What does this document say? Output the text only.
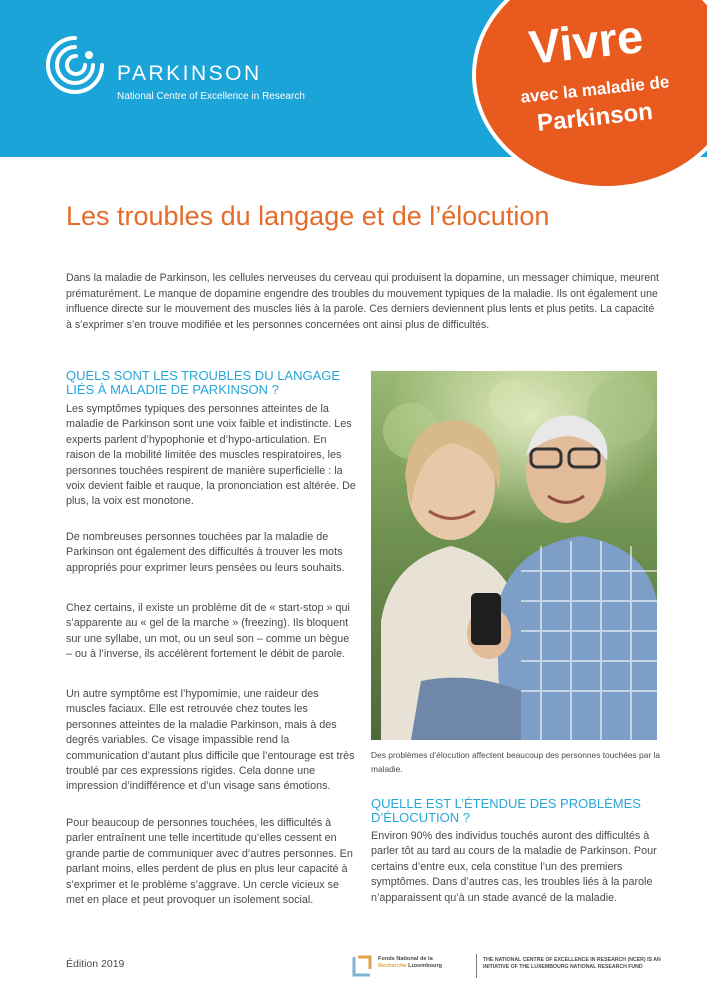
PARKINSON
National Centre of Excellence in Research
Vivre
avec la maladie de
Parkinson
Les troubles du langage et de l’élocution

Dans la maladie de Parkinson, les cellules nerveuses du cerveau qui produisent la dopamine, un messager chimique, meurent prématurément. Le manque de dopamine engendre des troubles du mouvement typiques de la maladie. Ils ont également une influence directe sur le mouvement des muscles liés à la parole. Ces derniers deviennent plus lents et plus petits. La capacité à s’exprimer s’en trouve modifiée et les personnes concernées ont ainsi plus de difficultés.

QUELS SONT LES TROUBLES DU LANGAGE LIÉS À MALADIE DE PARKINSON ?

Les symptômes typiques des personnes atteintes de la maladie de Parkinson sont une voix faible et indistincte. Les experts parlent d’hypophonie et d’hypo-articulation. En raison de la mobilité limitée des muscles respiratoires, les personnes touchées respirent de manière superficielle : la voix devient faible et rauque, la prononciation est altérée. De plus, la voix est monotone.

De nombreuses personnes touchées par la maladie de Parkinson ont également des difficultés à trouver les mots appropriés pour exprimer leurs pensées ou leurs souhaits.

Chez certains, il existe un problème dit de « start-stop » qui s’apparente au « gel de la marche » (freezing). Ils bloquent sur une syllabe, un mot, ou un seul son – comme un bègue – ou à l’inverse, ils accélèrent fortement le débit de parole.

Un autre symptôme est l’hypomimie, une raideur des muscles faciaux. Elle est retrouvée chez toutes les personnes atteintes de la maladie Parkinson, mais à des degrés variables. Ce visage impassible rend la communication d’autant plus difficile que l’entourage est très troublé par ces expressions rigides. Cela donne une impression d’indifférence et d’un visage sans émotions.

Pour beaucoup de personnes touchées, les difficultés à parler entraînent une telle incertitude qu’elles cessent en grande partie de communiquer avec d’autres personnes. En parlant moins, elles perdent de plus en plus leur capacité à s’exprimer et le problème s’aggrave. Un cercle vicieux se met en place et peut provoquer un isolement social.

Des problèmes d’élocution affectent beaucoup des personnes touchées par la maladie.

QUELLE EST L’ÉTENDUE DES PROBLÈMES D’ÉLOCUTION ?

Environ 90% des individus touchés auront des difficultés à parler tôt au tard au cours de la maladie de Parkinson. Pour certains d’entre eux, cela constitue l’un des premiers symptômes. Dans d’autres cas, les troubles liés à la parole n’apparaissent qu’à un stade avancé de la maladie.

Édition 2019	Fonds National de la
Recherche Luxembourg
THE NATIONAL CENTRE OF EXCELLENCE IN RESEARCH (NCER) IS AN INITIATIVE OF THE LUXEMBOURG NATIONAL RESEARCH FUND
